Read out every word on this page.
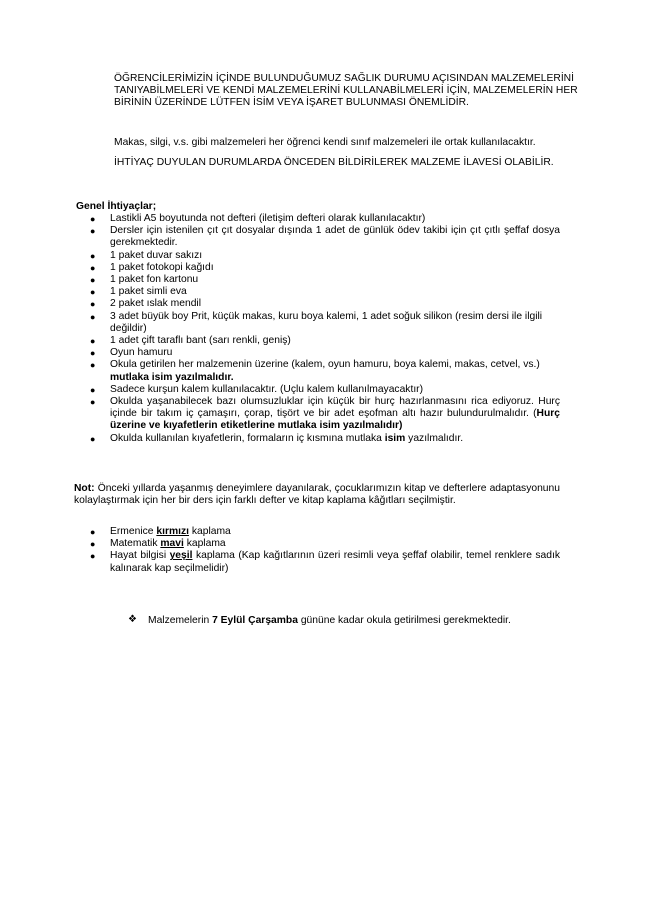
ÖĞRENCİLERİMİZİN İÇİNDE BULUNDUĞUMUZ SAĞLIK DURUMU AÇISINDAN MALZEMELERİNİ TANIYABİLMELERİ VE KENDİ MALZEMELERİNİ KULLANABİLMELERİ İÇİN, MALZEMELERİN HER BİRİNİN ÜZERİNDE LÜTFEN İSİM VEYA İŞARET BULUNMASI ÖNEMLİDİR.

Makas, silgi, v.s. gibi malzemeleri her öğrenci kendi sınıf malzemeleri ile ortak kullanılacaktır.

İHTİYAÇ DUYULAN DURUMLARDA ÖNCEDEN BİLDİRİLEREK MALZEME İLAVESİ OLABİLİR.

Genel İhtiyaçlar;

● Lastikli A5 boyutunda not defteri (iletişim defteri olarak kullanılacaktır)
● Dersler için istenilen çıt çıt dosyalar dışında 1 adet de günlük ödev takibi için çıt çıtlı şeffaf dosya gerekmektedir.
● 1 paket duvar sakızı
● 1 paket fotokopi kağıdı
● 1 paket fon kartonu
● 1 paket simli eva
● 2 paket ıslak mendil
● 3 adet büyük boy Prit, küçük makas, kuru boya kalemi, 1 adet soğuk silikon (resim dersi ile ilgili değildir)
● 1 adet çift taraflı bant (sarı renkli, geniş)
● Oyun hamuru
● Okula getirilen her malzemenin üzerine (kalem, oyun hamuru, boya kalemi, makas, cetvel, vs.) mutlaka isim yazılmalıdır.
● Sadece kurşun kalem kullanılacaktır. (Uçlu kalem kullanılmayacaktır)
● Okulda yaşanabilecek bazı olumsuzluklar için küçük bir hurç hazırlanmasını rica ediyoruz. Hurç içinde bir takım iç çamaşırı, çorap, tişört ve bir adet eşofman altı hazır bulundurulmalıdır. (Hurç üzerine ve kıyafetlerin etiketlerine mutlaka isim yazılmalıdır)
● Okulda kullanılan kıyafetlerin, formaların iç kısmına mutlaka isim yazılmalıdır.

Not: Önceki yıllarda yaşanmış deneyimlere dayanılarak, çocuklarımızın kitap ve defterlere adaptasyonunu kolaylaştırmak için her bir ders için farklı defter ve kitap kaplama kâğıtları seçilmiştir.

● Ermenice kırmızı kaplama
● Matematik mavi kaplama
● Hayat bilgisi yeşil kaplama (Kap kağıtlarının üzeri resimli veya şeffaf olabilir, temel renklere sadık kalınarak kap seçilmelidir)

❖	Malzemelerin 7 Eylül Çarşamba gününe kadar okula getirilmesi gerekmektedir.
